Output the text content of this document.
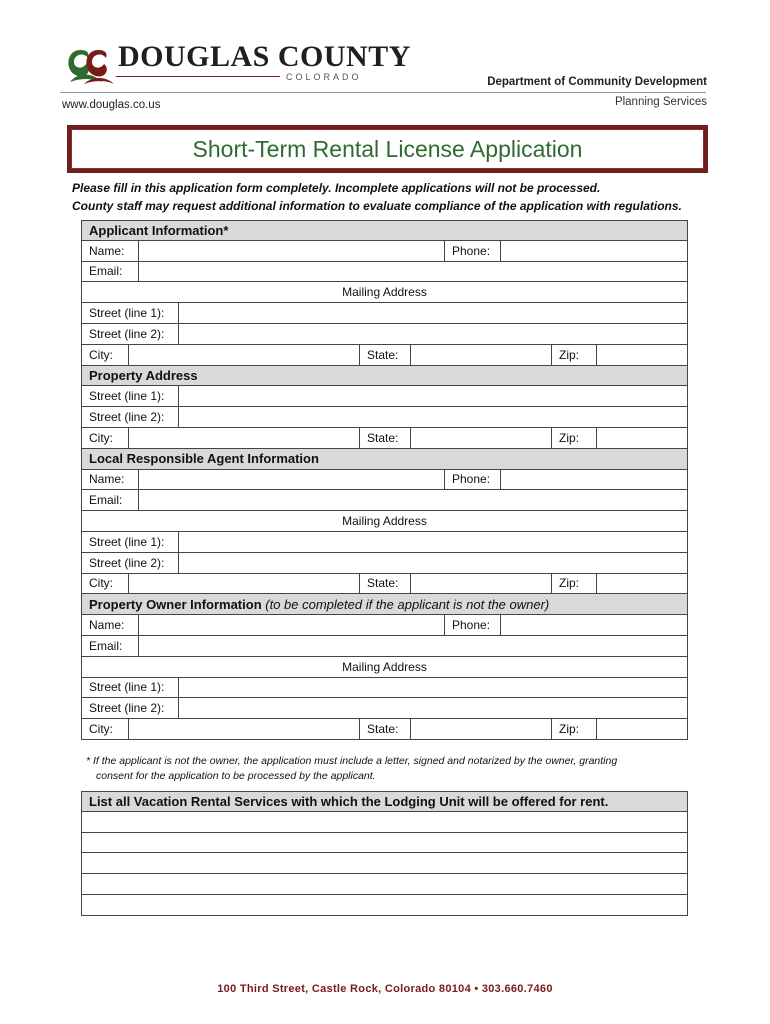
DOUGLAS COUNTY
COLORADO	Department of Community Development
Planning Services
www.douglas.co.us
Short-Term Rental License Application
Please fill in this application form completely. Incomplete applications will not be processed.
County staff may request additional information to evaluate compliance of the application with regulations.
Applicant Information*
Name:	Phone:
Email:
Mailing Address
Street (line 1):
Street (line 2):
City:	State:	Zip:
Property Address
Street (line 1):
Street (line 2):
City:	State:	Zip:
Local Responsible Agent Information
Name:	Phone:
Email:
Mailing Address
Street (line 1):
Street (line 2):
City:	State:	Zip:
Property Owner Information
(to be completed if the applicant is not the owner)
Name:	Phone:
Email:
Mailing Address
Street (line 1):
Street (line 2):
City:	State:	Zip:
* If the applicant is not the owner, the application must include a letter, signed and notarized by the owner, granting
consent for the application to be processed by the applicant.
List all Vacation Rental Services with which the Lodging Unit will be offered for rent.
100 Third Street, Castle Rock, Colorado 80104 • 303.660.7460
